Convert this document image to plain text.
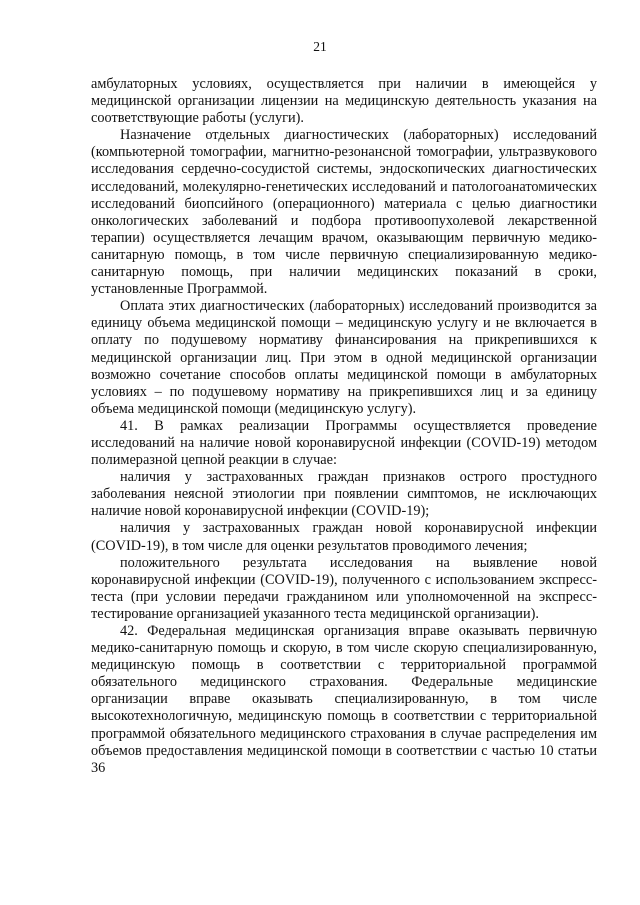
21

амбулаторных условиях, осуществляется при наличии в имеющейся у медицинской организации лицензии на медицинскую деятельность указания на соответствующие работы (услуги).

Назначение отдельных диагностических (лабораторных) исследований (компьютерной томографии, магнитно-резонансной томографии, ультразвукового исследования сердечно-сосудистой системы, эндоскопических диагностических исследований, молекулярно-генетических исследований и патологоанатомических исследований биопсийного (операционного) материала с целью диагностики онкологических заболеваний и подбора противоопухолевой лекарственной терапии) осуществляется лечащим врачом, оказывающим первичную медико-санитарную помощь, в том числе первичную специализированную медико-санитарную помощь, при наличии медицинских показаний в сроки, установленные Программой.

Оплата этих диагностических (лабораторных) исследований производится за единицу объема медицинской помощи – медицинскую услугу и не включается в оплату по подушевому нормативу финансирования на прикрепившихся к медицинской организации лиц. При этом в одной медицинской организации возможно сочетание способов оплаты медицинской помощи в амбулаторных условиях – по подушевому нормативу на прикрепившихся лиц и за единицу объема медицинской помощи (медицинскую услугу).

41. В рамках реализации Программы осуществляется проведение исследований на наличие новой коронавирусной инфекции (COVID-19) методом полимеразной цепной реакции в случае:

наличия у застрахованных граждан признаков острого простудного заболевания неясной этиологии при появлении симптомов, не исключающих наличие новой коронавирусной инфекции (COVID-19);

наличия у застрахованных граждан новой коронавирусной инфекции (COVID-19), в том числе для оценки результатов проводимого лечения;

положительного результата исследования на выявление новой коронавирусной инфекции (COVID-19), полученного с использованием экспресс-теста (при условии передачи гражданином или уполномоченной на экспресс-тестирование организацией указанного теста медицинской организации).

42. Федеральная медицинская организация вправе оказывать первичную медико-санитарную помощь и скорую, в том числе скорую специализированную, медицинскую помощь в соответствии с территориальной программой обязательного медицинского страхования. Федеральные медицинские организации вправе оказывать специализированную, в том числе высокотехнологичную, медицинскую помощь в соответствии с территориальной программой обязательного медицинского страхования в случае распределения им объемов предоставления медицинской помощи в соответствии с частью 10 статьи 36
